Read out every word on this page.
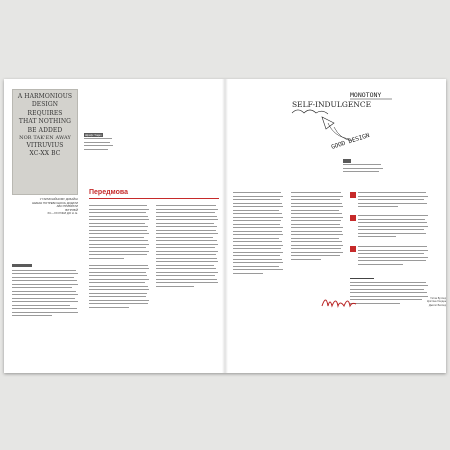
A HARMONIOUS
DESIGN
REQUIRES
THAT NOTHING
BE ADDED
NOR TAK'EN AWAY
VITRUVIUS
XC-XX BC
У ГАРМОНІЙНОМУ ДИЗАЙНІ
НЕМАЄ ПОТРЕБИ ЩОСЬ ДОДАТИ
АБО ПРИБРАТИ
ВІТРУВІЙ
XC—XX РОКИ ДО Н. Е.
Шрифт Trajan
Передмова
SELF-INDULGENCE
MONOTONY
GOOD DESIGN

Уілла Бутлер
Крістіна Холден
Джилл Батлер
